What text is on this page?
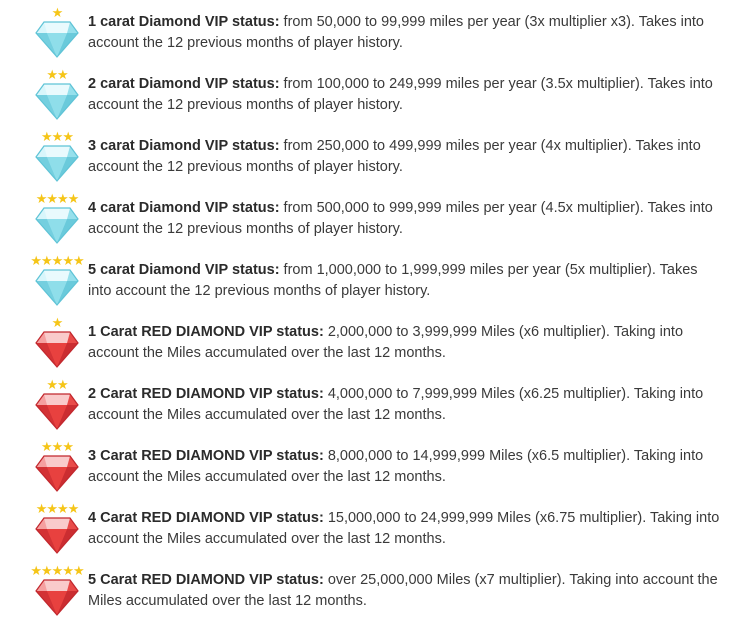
★
1 carat Diamond VIP status: from 50,000 to 99,999 miles per year (3x multiplier x3). Takes into account the 12 previous months of player history.
★★
2 carat Diamond VIP status: from 100,000 to 249,999 miles per year (3.5x multiplier). Takes into account the 12 previous months of player history.
★★★
3 carat Diamond VIP status: from 250,000 to 499,999 miles per year (4x multiplier). Takes into account the 12 previous months of player history.
★★★★
4 carat Diamond VIP status: from 500,000 to 999,999 miles per year (4.5x multiplier). Takes into account the 12 previous months of player history.
★★★★★
5 carat Diamond VIP status: from 1,000,000 to 1,999,999 miles per year (5x multiplier). Takes into account the 12 previous months of player history.
★
1 Carat RED DIAMOND VIP status: 2,000,000 to 3,999,999 Miles (x6 multiplier). Taking into account the Miles accumulated over the last 12 months.
★★
2 Carat RED DIAMOND VIP status: 4,000,000 to 7,999,999 Miles (x6.25 multiplier). Taking into account the Miles accumulated over the last 12 months.
★★★
3 Carat RED DIAMOND VIP status: 8,000,000 to 14,999,999 Miles (x6.5 multiplier). Taking into account the Miles accumulated over the last 12 months.
★★★★
4 Carat RED DIAMOND VIP status: 15,000,000 to 24,999,999 Miles (x6.75 multiplier). Taking into account the Miles accumulated over the last 12 months.
★★★★★
5 Carat RED DIAMOND VIP status: over 25,000,000 Miles (x7 multiplier). Taking into account the Miles accumulated over the last 12 months.
